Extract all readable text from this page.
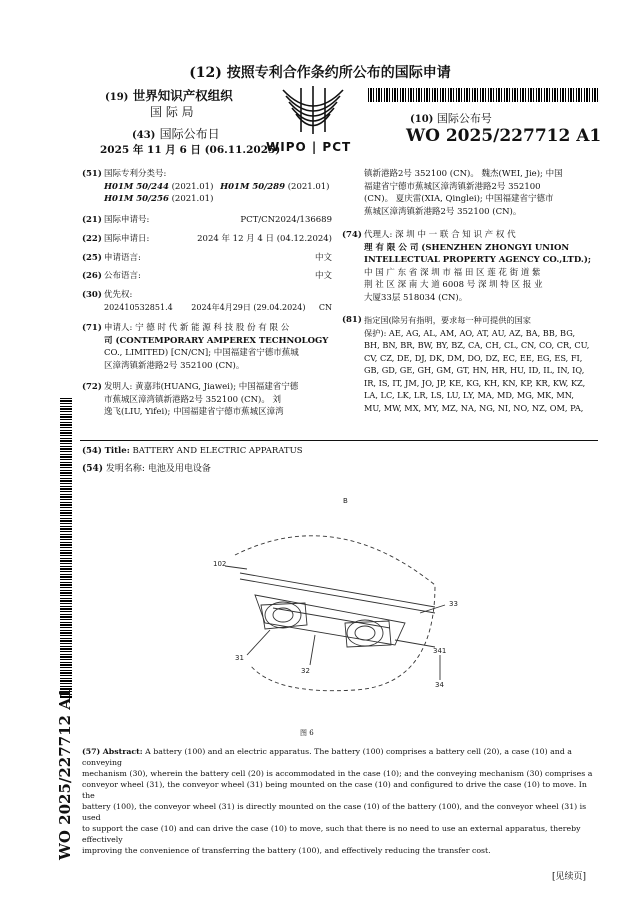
(12) 按照专利合作条约所公布的国际申请
(19) 世界知识产权组织
国 际 局
(43) 国际公布日
2025 年 11 月 6 日 (06.11.2025)
WIPO | PCT
(10) 国际公布号
WO 2025/227712 A1
WO 2025/227712 A1
(51) 国际专利分类号:
H01M 50/244 (2021.01) H01M 50/289 (2021.01)
H01M 50/256 (2021.01)
(21) 国际申请号:	PCT/CN2024/136689
(22) 国际申请日:	2024 年 12 月 4 日 (04.12.2024)
(25) 申请语言:	中文
(26) 公布语言:	中文
(30) 优先权:
202410532851.4 2024年4月29日 (29.04.2024) CN
(71) 申请人: 宁 德 时 代 新 能 源 科 技 股 份 有 限 公
司 (CONTEMPORARY AMPEREX TECHNOLOGY
CO., LIMITED) [CN/CN]; 中国福建省宁德市蕉城
区漳湾镇新港路2号 352100 (CN)。
(72) 发明人: 黄嘉玮(HUANG, Jiawei); 中国福建省宁德
市蕉城区漳湾镇新港路2号 352100 (CN)。 刘
逸飞(LIU, Yifei); 中国福建省宁德市蕉城区漳湾
镇新港路2号 352100 (CN)。 魏杰(WEI, Jie); 中国
福建省宁德市蕉城区漳湾镇新港路2号 352100
(CN)。 夏庆雷(XIA, Qinglei); 中国福建省宁德市
蕉城区漳湾镇新港路2号 352100 (CN)。
(74) 代理人: 深 圳 中 一 联 合 知 识 产 权 代
理 有 限 公 司 (SHENZHEN ZHONGYI UNION
INTELLECTUAL PROPERTY AGENCY CO.,LTD.);
中 国 广 东 省 深 圳 市 福 田 区 莲 花 街 道 紫
荆 社 区 深 南 大 道 6008 号 深 圳 特 区 报 业
大厦33层 518034 (CN)。
(81) 指定国(除另有指明，要求每一种可提供的国家
保护): AE, AG, AL, AM, AO, AT, AU, AZ, BA, BB, BG,
BH, BN, BR, BW, BY, BZ, CA, CH, CL, CN, CO, CR, CU,
CV, CZ, DE, DJ, DK, DM, DO, DZ, EC, EE, EG, ES, FI,
GB, GD, GE, GH, GM, GT, HN, HR, HU, ID, IL, IN, IQ,
IR, IS, IT, JM, JO, JP, KE, KG, KH, KN, KP, KR, KW, KZ,
LA, LC, LK, LR, LS, LU, LY, MA, MD, MG, MK, MN,
MU, MW, MX, MY, MZ, NA, NG, NI, NO, NZ, OM, PA,
(54) Title: BATTERY AND ELECTRIC APPARATUS
(54) 发明名称: 电池及用电设备
B
102
33
31
32
341
34
图 6
(57) Abstract: A battery (100) and an electric apparatus. The battery (100) comprises a battery cell (20), a case (10) and a conveying
mechanism (30), wherein the battery cell (20) is accommodated in the case (10); and the conveying mechanism (30) comprises a
conveyor wheel (31), the conveyor wheel (31) being mounted on the case (10) and configured to drive the case (10) to move. In the
battery (100), the conveyor wheel (31) is directly mounted on the case (10) of the battery (100), and the conveyor wheel (31) is used
to support the case (10) and can drive the case (10) to move, such that there is no need to use an external apparatus, thereby effectively
improving the convenience of transferring the battery (100), and effectively reducing the transfer cost.
[见续页]
